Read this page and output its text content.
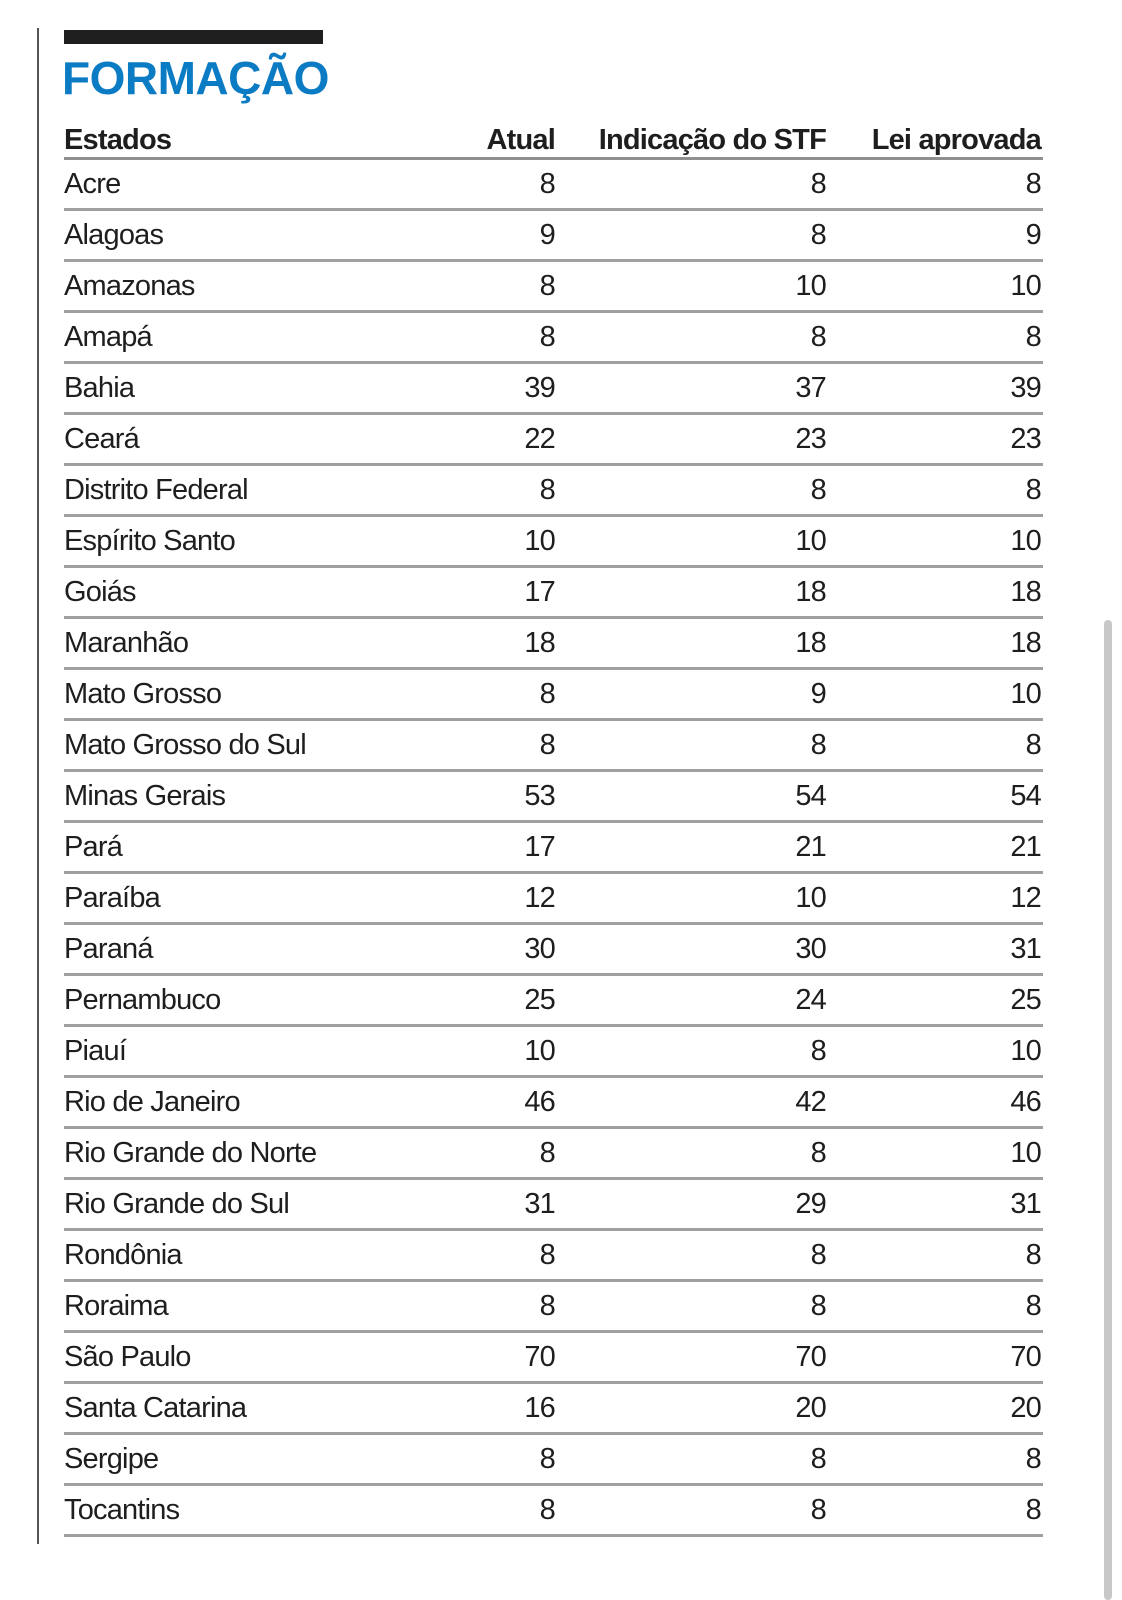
FORMAÇÃO
Estados	Atual	Indicação do STF	Lei aprovada
Acre	8	8	8
Alagoas	9	8	9
Amazonas	8	10	10
Amapá	8	8	8
Bahia	39	37	39
Ceará	22	23	23
Distrito Federal	8	8	8
Espírito Santo	10	10	10
Goiás	17	18	18
Maranhão	18	18	18
Mato Grosso	8	9	10
Mato Grosso do Sul	8	8	8
Minas Gerais	53	54	54
Pará	17	21	21
Paraíba	12	10	12
Paraná	30	30	31
Pernambuco	25	24	25
Piauí	10	8	10
Rio de Janeiro	46	42	46
Rio Grande do Norte	8	8	10
Rio Grande do Sul	31	29	31
Rondônia	8	8	8
Roraima	8	8	8
São Paulo	70	70	70
Santa Catarina	16	20	20
Sergipe	8	8	8
Tocantins	8	8	8
